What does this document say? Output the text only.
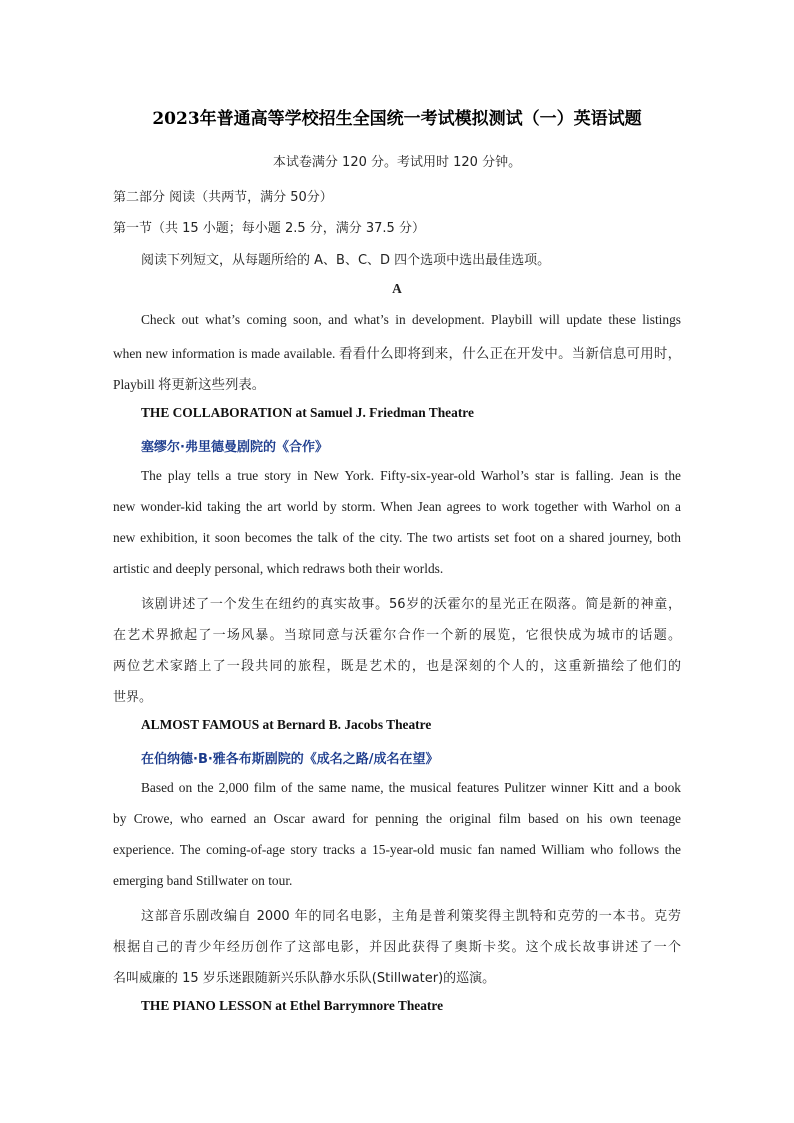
2023年普通高等学校招生全国统一考试模拟测试（一）英语试题
本试卷满分 120 分。考试用时 120 分钟。
第二部分 阅读（共两节，满分 50分）
第一节（共 15 小题；每小题 2.5 分，满分 37.5 分）
阅读下列短文，从每题所给的 A、B、C、D 四个选项中选出最佳选项。
A
Check out what’s coming soon, and what’s in development. Playbill will update these listings
when new information is made available. 看看什么即将到来，什么正在开发中。当新信息可用时，
Playbill 将更新这些列表。
THE COLLABORATION at Samuel J. Friedman Theatre
塞缪尔·弗里德曼剧院的《合作》
The play tells a true story in New York. Fifty-six-year-old Warhol’s star is falling. Jean is the
new wonder-kid taking the art world by storm. When Jean agrees to work together with Warhol on a
new exhibition, it soon becomes the talk of the city. The two artists set foot on a shared journey, both
artistic and deeply personal, which redraws both their worlds.
该剧讲述了一个发生在纽约的真实故事。56岁的沃霍尔的星光正在陨落。简是新的神童，
在艺术界掀起了一场风暴。当琼同意与沃霍尔合作一个新的展览，它很快成为城市的话题。
两位艺术家踏上了一段共同的旅程，既是艺术的，也是深刻的个人的，这重新描绘了他们的
世界。
ALMOST FAMOUS at Bernard B. Jacobs Theatre
在伯纳德·B·雅各布斯剧院的《成名之路/成名在望》
Based on the 2,000 film of the same name, the musical features Pulitzer winner Kitt and a book
by Crowe, who earned an Oscar award for penning the original film based on his own teenage
experience. The coming-of-age story tracks a 15-year-old music fan named William who follows the
emerging band Stillwater on tour.
这部音乐剧改编自 2000 年的同名电影，主角是普利策奖得主凯特和克劳的一本书。克劳
根据自己的青少年经历创作了这部电影，并因此获得了奥斯卡奖。这个成长故事讲述了一个
名叫威廉的 15 岁乐迷跟随新兴乐队静水乐队(Stillwater)的巡演。
THE PIANO LESSON at Ethel Barrymnore Theatre
